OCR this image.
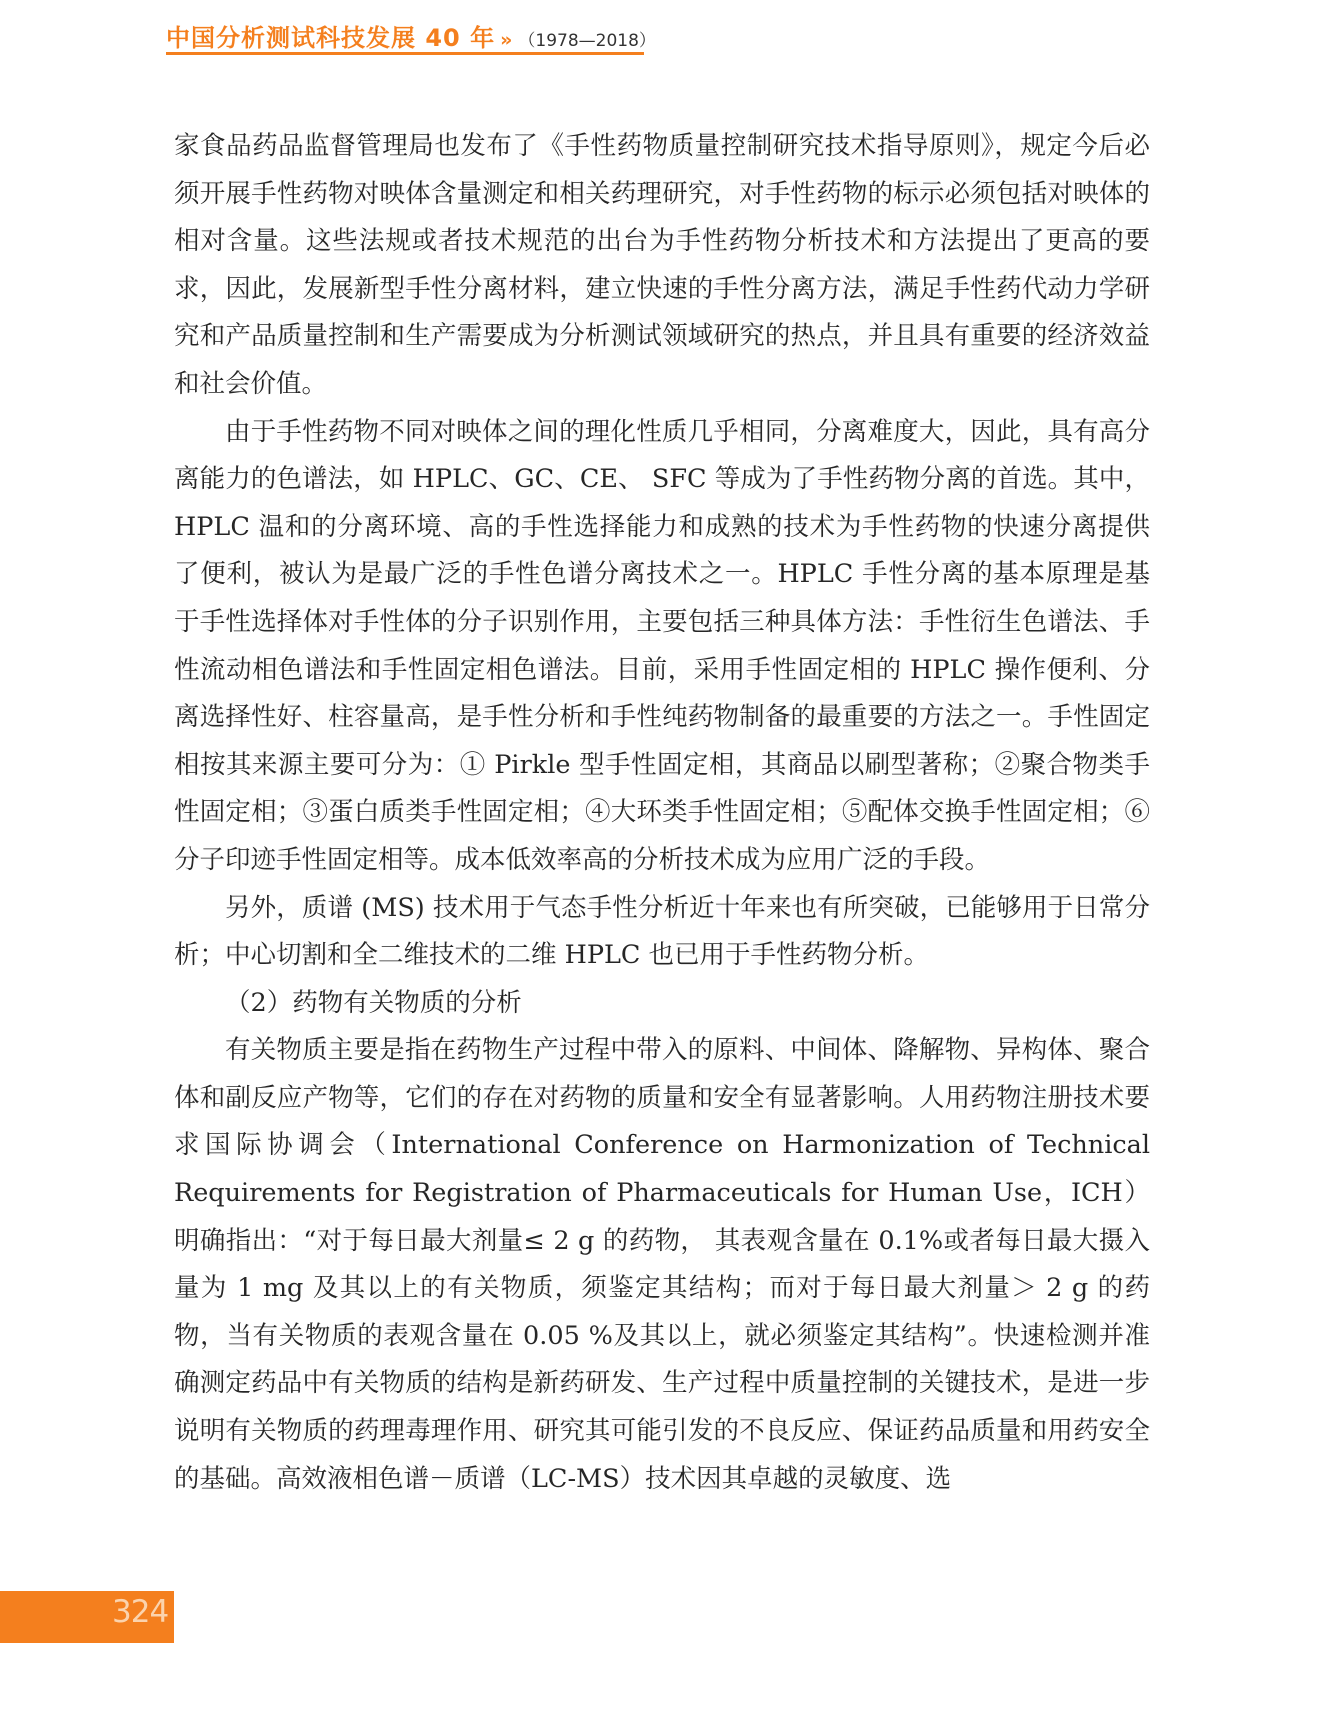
中国分析测试科技发展 40 年 » （1978—2018）

家食品药品监督管理局也发布了《手性药物质量控制研究技术指导原则》，规定今后必须开展手性药物对映体含量测定和相关药理研究，对手性药物的标示必须包括对映体的相对含量。这些法规或者技术规范的出台为手性药物分析技术和方法提出了更高的要求，因此，发展新型手性分离材料，建立快速的手性分离方法，满足手性药代动力学研究和产品质量控制和生产需要成为分析测试领域研究的热点，并且具有重要的经济效益和社会价值。

由于手性药物不同对映体之间的理化性质几乎相同，分离难度大，因此，具有高分离能力的色谱法，如 HPLC、GC、CE、 SFC 等成为了手性药物分离的首选。其中，HPLC 温和的分离环境、高的手性选择能力和成熟的技术为手性药物的快速分离提供了便利，被认为是最广泛的手性色谱分离技术之一。HPLC 手性分离的基本原理是基于手性选择体对手性体的分子识别作用，主要包括三种具体方法：手性衍生色谱法、手性流动相色谱法和手性固定相色谱法。目前，采用手性固定相的 HPLC 操作便利、分离选择性好、柱容量高，是手性分析和手性纯药物制备的最重要的方法之一。手性固定相按其来源主要可分为：① Pirkle 型手性固定相，其商品以刷型著称；②聚合物类手性固定相；③蛋白质类手性固定相；④大环类手性固定相；⑤配体交换手性固定相；⑥分子印迹手性固定相等。成本低效率高的分析技术成为应用广泛的手段。

另外，质谱 (MS) 技术用于气态手性分析近十年来也有所突破，已能够用于日常分析；中心切割和全二维技术的二维 HPLC 也已用于手性药物分析。

（2）药物有关物质的分析

有关物质主要是指在药物生产过程中带入的原料、中间体、降解物、异构体、聚合体和副反应产物等，它们的存在对药物的质量和安全有显著影响。人用药物注册技术要求国际协调会（International Conference on Harmonization of Technical Requirements for Registration of Pharmaceuticals for Human Use，ICH）明确指出：“对于每日最大剂量≤ 2 g 的药物， 其表观含量在 0.1%或者每日最大摄入量为 1 mg 及其以上的有关物质，须鉴定其结构；而对于每日最大剂量＞ 2 g 的药物，当有关物质的表观含量在 0.05 %及其以上，就必须鉴定其结构”。快速检测并准确测定药品中有关物质的结构是新药研发、生产过程中质量控制的关键技术，是进一步说明有关物质的药理毒理作用、研究其可能引发的不良反应、保证药品质量和用药安全的基础。高效液相色谱－质谱（LC-MS）技术因其卓越的灵敏度、选

324
